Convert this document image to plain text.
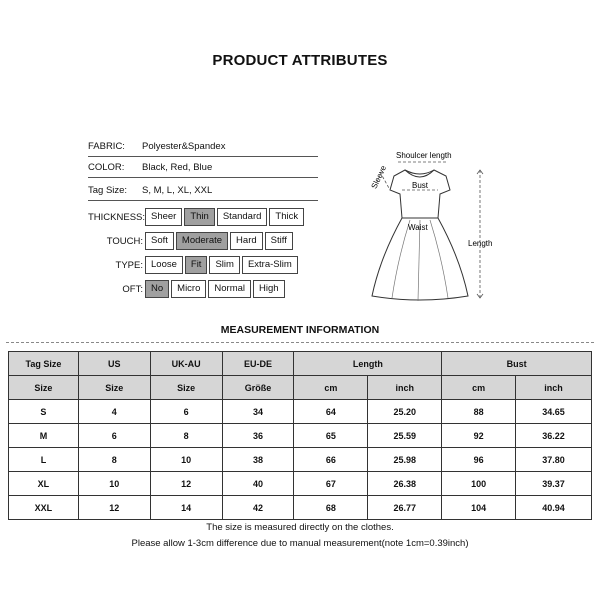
PRODUCT ATTRIBUTES
FABRIC: Polyester&Spandex
COLOR: Black, Red, Blue
Tag Size: S, M, L, XL, XXL
THICKNESS: Sheer	Thin	Standard	Thick
TOUCH: Soft	Moderate	Hard	Stiff
TYPE: Loose	Fit	Slim	Extra-Slim
OFT: No	Micro	Normal	High
Shoulcer length
Sleeve	Bust
Waist
Length
MEASUREMENT INFORMATION
Tag Size	US	UK-AU	EU-DE	Length		Bust	
Size	Size	Size	Größe	cm	inch	cm	inch
S	4	6	34	64	25.20	88	34.65
M	6	8	36	65	25.59	92	36.22
L	8	10	38	66	25.98	96	37.80
XL	10	12	40	67	26.38	100	39.37
XXL	12	14	42	68	26.77	104	40.94
The size is measured directly on the clothes.
Please allow 1-3cm difference due to manual measurement(note 1cm=0.39inch)
